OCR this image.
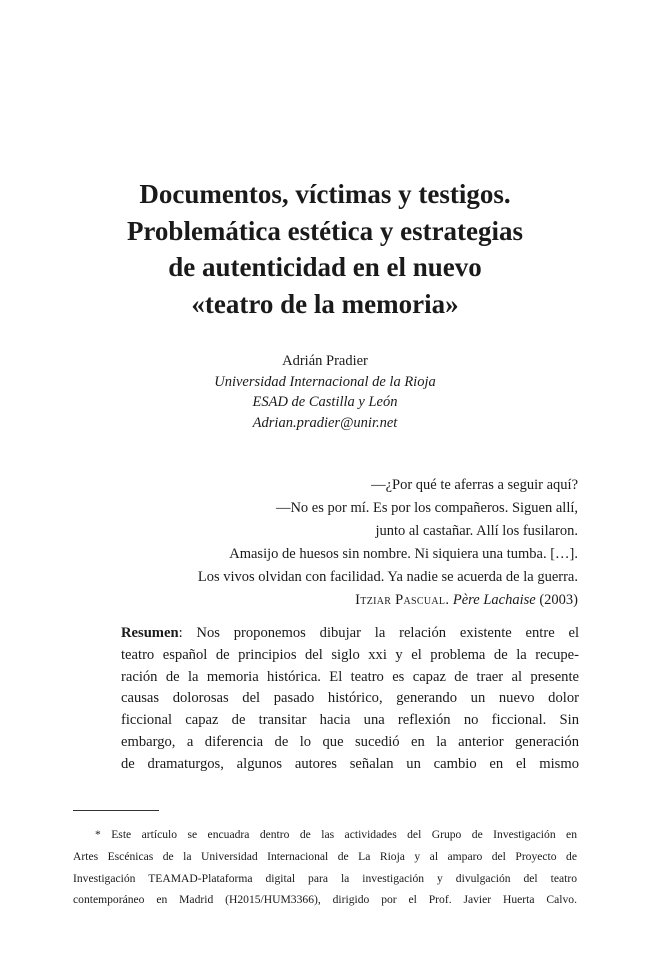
Documentos, víctimas y testigos.
Problemática estética y estrategias
de autenticidad en el nuevo
«teatro de la memoria»
Adrián Pradier
Universidad Internacional de la Rioja
ESAD de Castilla y León
Adrian.pradier@unir.net
—¿Por qué te aferras a seguir aquí?
—No es por mí. Es por los compañeros. Siguen allí,
junto al castañar. Allí los fusilaron.
Amasijo de huesos sin nombre. Ni siquiera una tumba. […].
Los vivos olvidan con facilidad. Ya nadie se acuerda de la guerra.
Itziar Pascual. Père Lachaise (2003)
Resumen: Nos proponemos dibujar la relación existente entre el
teatro español de principios del siglo xxi y el problema de la recupe-
ración de la memoria histórica. El teatro es capaz de traer al presente
causas dolorosas del pasado histórico, generando un nuevo dolor
ficcional capaz de transitar hacia una reflexión no ficcional. Sin
embargo, a diferencia de lo que sucedió en la anterior generación
de dramaturgos, algunos autores señalan un cambio en el mismo
* Este artículo se encuadra dentro de las actividades del Grupo de Investigación en
Artes Escénicas de la Universidad Internacional de La Rioja y al amparo del Proyecto de
Investigación TEAMAD-Plataforma digital para la investigación y divulgación del teatro
contemporáneo en Madrid (H2015/HUM3366), dirigido por el Prof. Javier Huerta Calvo.
